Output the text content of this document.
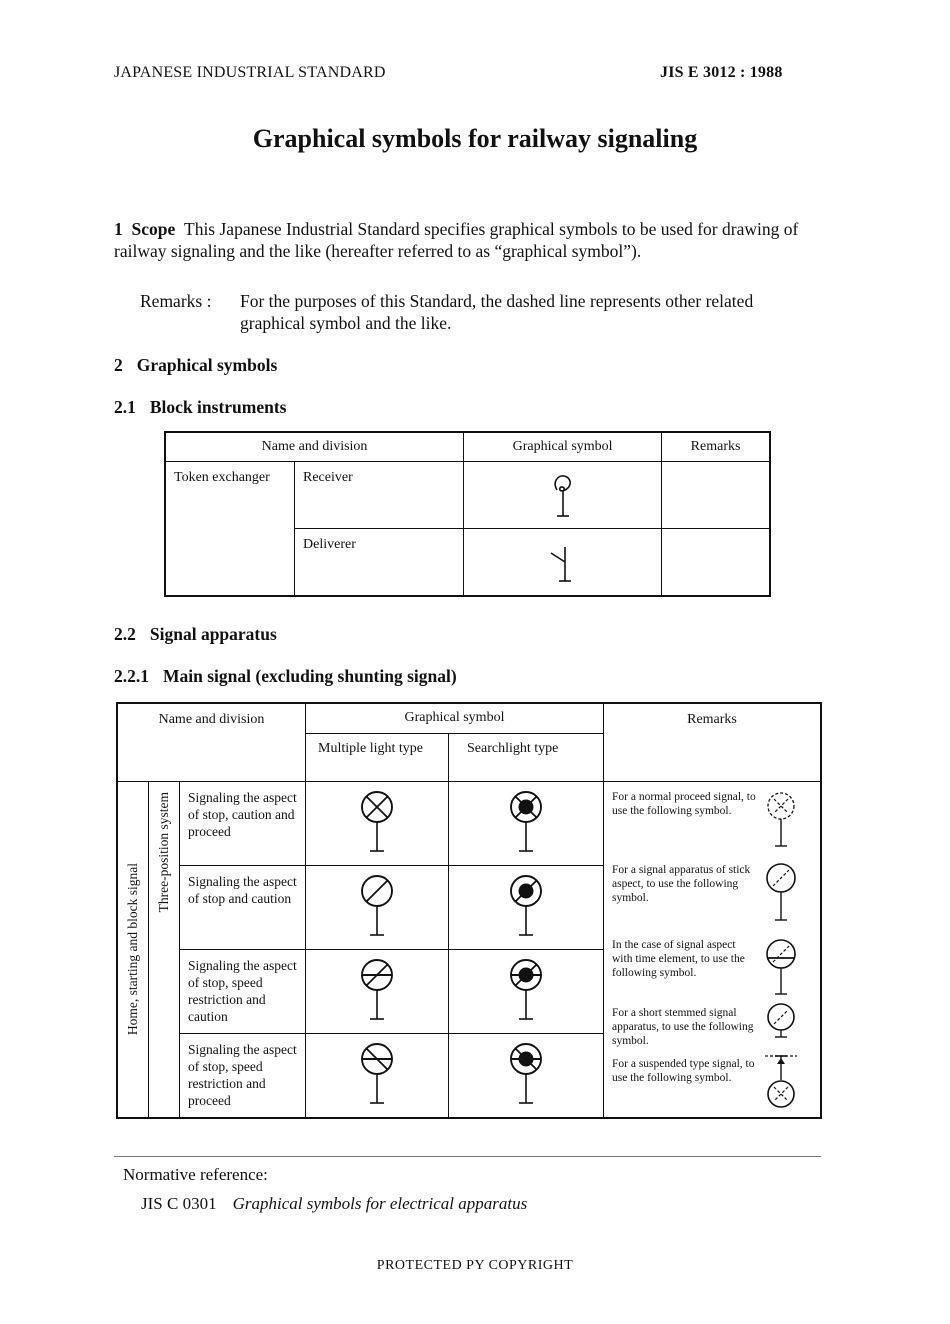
JAPANESE INDUSTRIAL STANDARD	JIS E 3012 : 1988
Graphical symbols for railway signaling
1 Scope This Japanese Industrial Standard specifies graphical symbols to be used for drawing of railway signaling and the like (hereafter referred to as “graphical symbol”).
Remarks : For the purposes of this Standard, the dashed line represents other related graphical symbol and the like.
2 Graphical symbols
2.1 Block instruments
Name and division		Graphical symbol	Remarks

Token exchanger	Receiver

	Deliverer

2.2 Signal apparatus
2.2.1 Main signal (excluding shunting signal)
Name and division			Graphical symbol		Remarks
			Multiple light type	Searchlight type	

Home, starting and block signal	Three-position system	Signaling the aspect of stop, caution and proceed			For a normal proceed signal, to use the following symbol.
For a signal apparatus of stick aspect, to use the following symbol.
In the case of signal aspect with time element, to use the following symbol.
For a short stemmed signal apparatus, to use the following symbol.
For a suspended type signal, to use the following symbol.

		Signaling the aspect of stop and caution	

		Signaling the aspect of stop, speed restriction and caution	

		Signaling the aspect of stop, speed restriction and proceed	

Normative reference:
JIS C 0301 Graphical symbols for electrical apparatus
PROTECTED PY COPYRIGHT
